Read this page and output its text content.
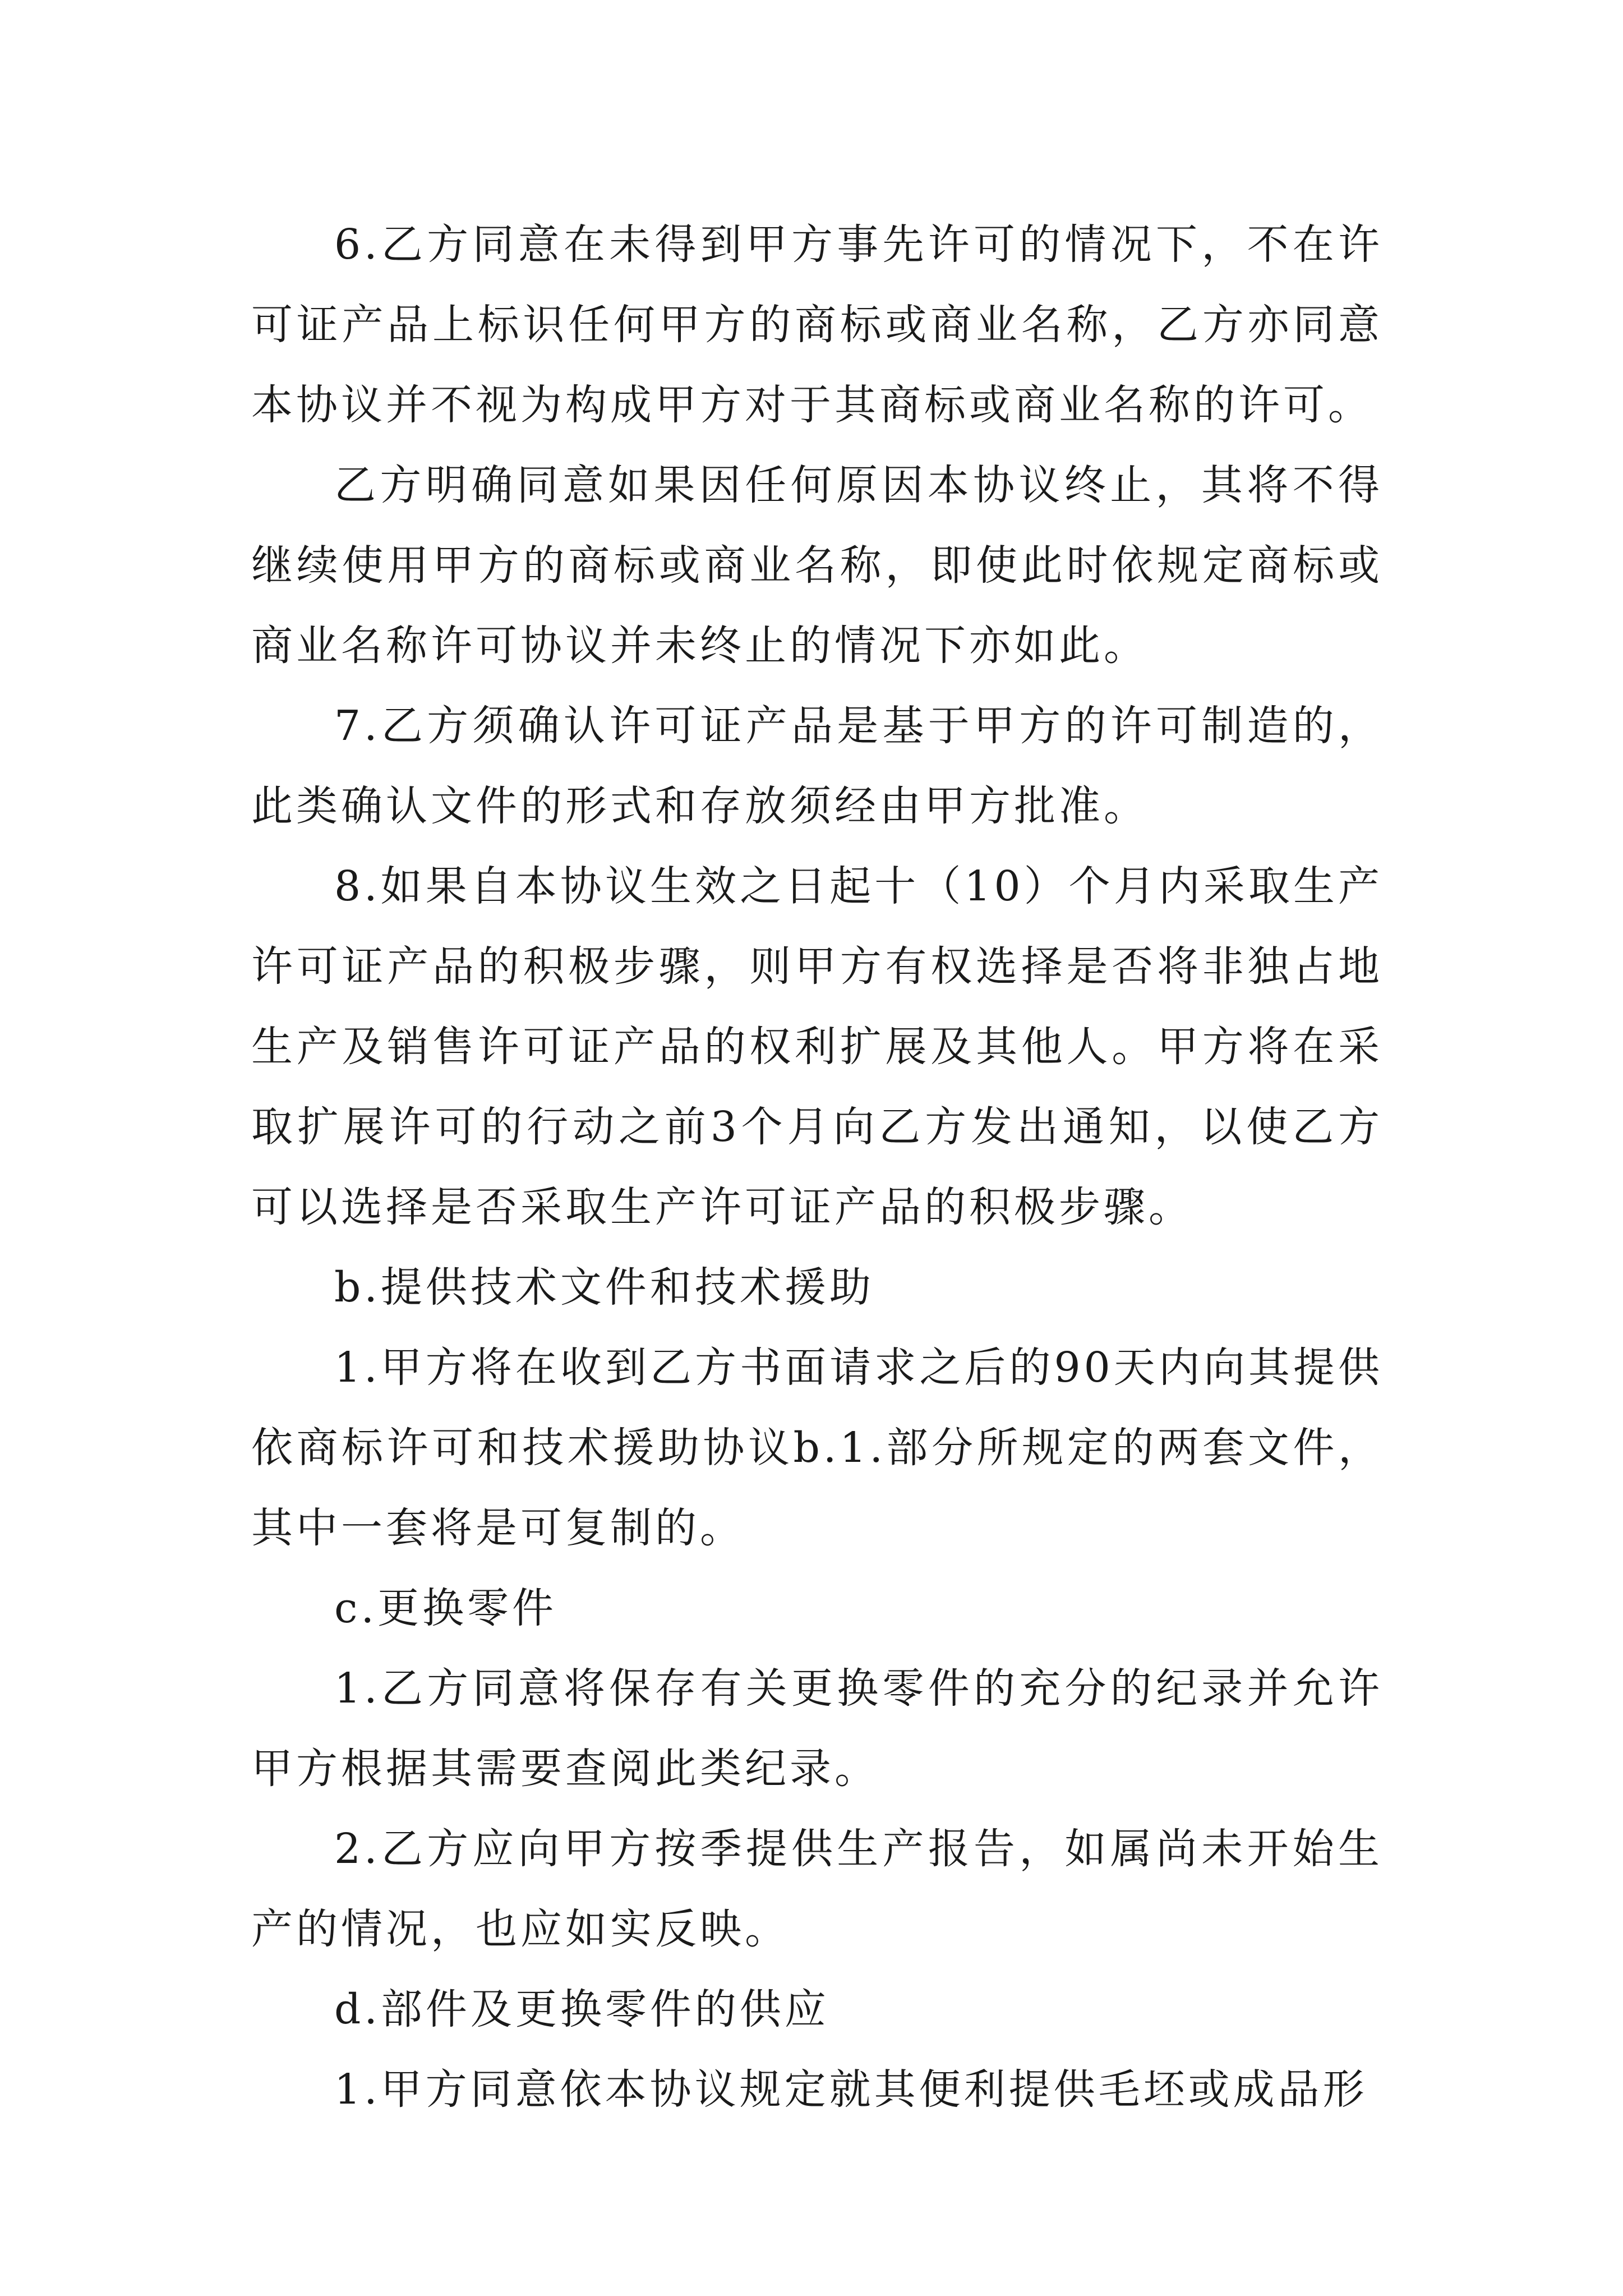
6.乙方同意在未得到甲方事先许可的情况下，不在许可证产品上标识任何甲方的商标或商业名称，乙方亦同意本协议并不视为构成甲方对于其商标或商业名称的许可。

乙方明确同意如果因任何原因本协议终止，其将不得继续使用甲方的商标或商业名称，即使此时依规定商标或商业名称许可协议并未终止的情况下亦如此。

7.乙方须确认许可证产品是基于甲方的许可制造的，此类确认文件的形式和存放须经由甲方批准。

8.如果自本协议生效之日起十（10）个月内采取生产许可证产品的积极步骤，则甲方有权选择是否将非独占地生产及销售许可证产品的权利扩展及其他人。甲方将在采取扩展许可的行动之前3个月向乙方发出通知，以使乙方可以选择是否采取生产许可证产品的积极步骤。

b.提供技术文件和技术援助

1.甲方将在收到乙方书面请求之后的90天内向其提供依商标许可和技术援助协议b.1.部分所规定的两套文件，其中一套将是可复制的。

c.更换零件

1.乙方同意将保存有关更换零件的充分的纪录并允许甲方根据其需要查阅此类纪录。

2.乙方应向甲方按季提供生产报告，如属尚未开始生产的情况，也应如实反映。

d.部件及更换零件的供应

1.甲方同意依本协议规定就其便利提供毛坯或成品形
